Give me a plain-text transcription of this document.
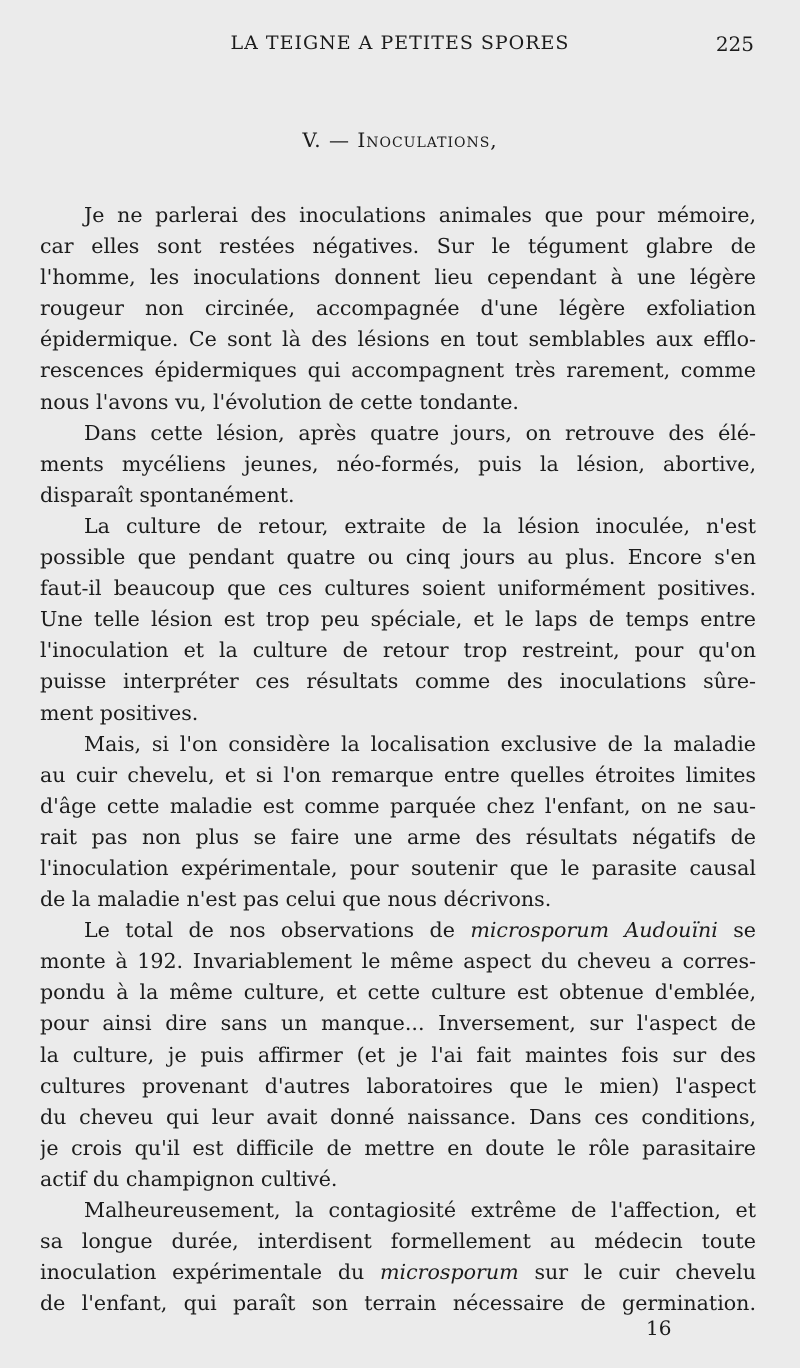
LA TEIGNE A PETITES SPORES	225
V. — Inoculations,
Je ne parlerai des inoculations animales que pour mémoire,
car elles sont restées négatives. Sur le tégument glabre de
l'homme, les inoculations donnent lieu cependant à une légère
rougeur non circinée, accompagnée d'une légère exfoliation
épidermique. Ce sont là des lésions en tout semblables aux efflo-
rescences épidermiques qui accompagnent très rarement, comme
nous l'avons vu, l'évolution de cette tondante.
Dans cette lésion, après quatre jours, on retrouve des élé-
ments mycéliens jeunes, néo-formés, puis la lésion, abortive,
disparaît spontanément.
La culture de retour, extraite de la lésion inoculée, n'est
possible que pendant quatre ou cinq jours au plus. Encore s'en
faut-il beaucoup que ces cultures soient uniformément positives.
Une telle lésion est trop peu spéciale, et le laps de temps entre
l'inoculation et la culture de retour trop restreint, pour qu'on
puisse interpréter ces résultats comme des inoculations sûre-
ment positives.
Mais, si l'on considère la localisation exclusive de la maladie
au cuir chevelu, et si l'on remarque entre quelles étroites limites
d'âge cette maladie est comme parquée chez l'enfant, on ne sau-
rait pas non plus se faire une arme des résultats négatifs de
l'inoculation expérimentale, pour soutenir que le parasite causal
de la maladie n'est pas celui que nous décrivons.
Le total de nos observations de microsporum Audouïni se
monte à 192. Invariablement le même aspect du cheveu a corres-
pondu à la même culture, et cette culture est obtenue d'emblée,
pour ainsi dire sans un manque... Inversement, sur l'aspect de
la culture, je puis affirmer (et je l'ai fait maintes fois sur des
cultures provenant d'autres laboratoires que le mien) l'aspect
du cheveu qui leur avait donné naissance. Dans ces conditions,
je crois qu'il est difficile de mettre en doute le rôle parasitaire
actif du champignon cultivé.
Malheureusement, la contagiosité extrême de l'affection, et
sa longue durée, interdisent formellement au médecin toute
inoculation expérimentale du microsporum sur le cuir chevelu
de l'enfant, qui paraît son terrain nécessaire de germination.
16
